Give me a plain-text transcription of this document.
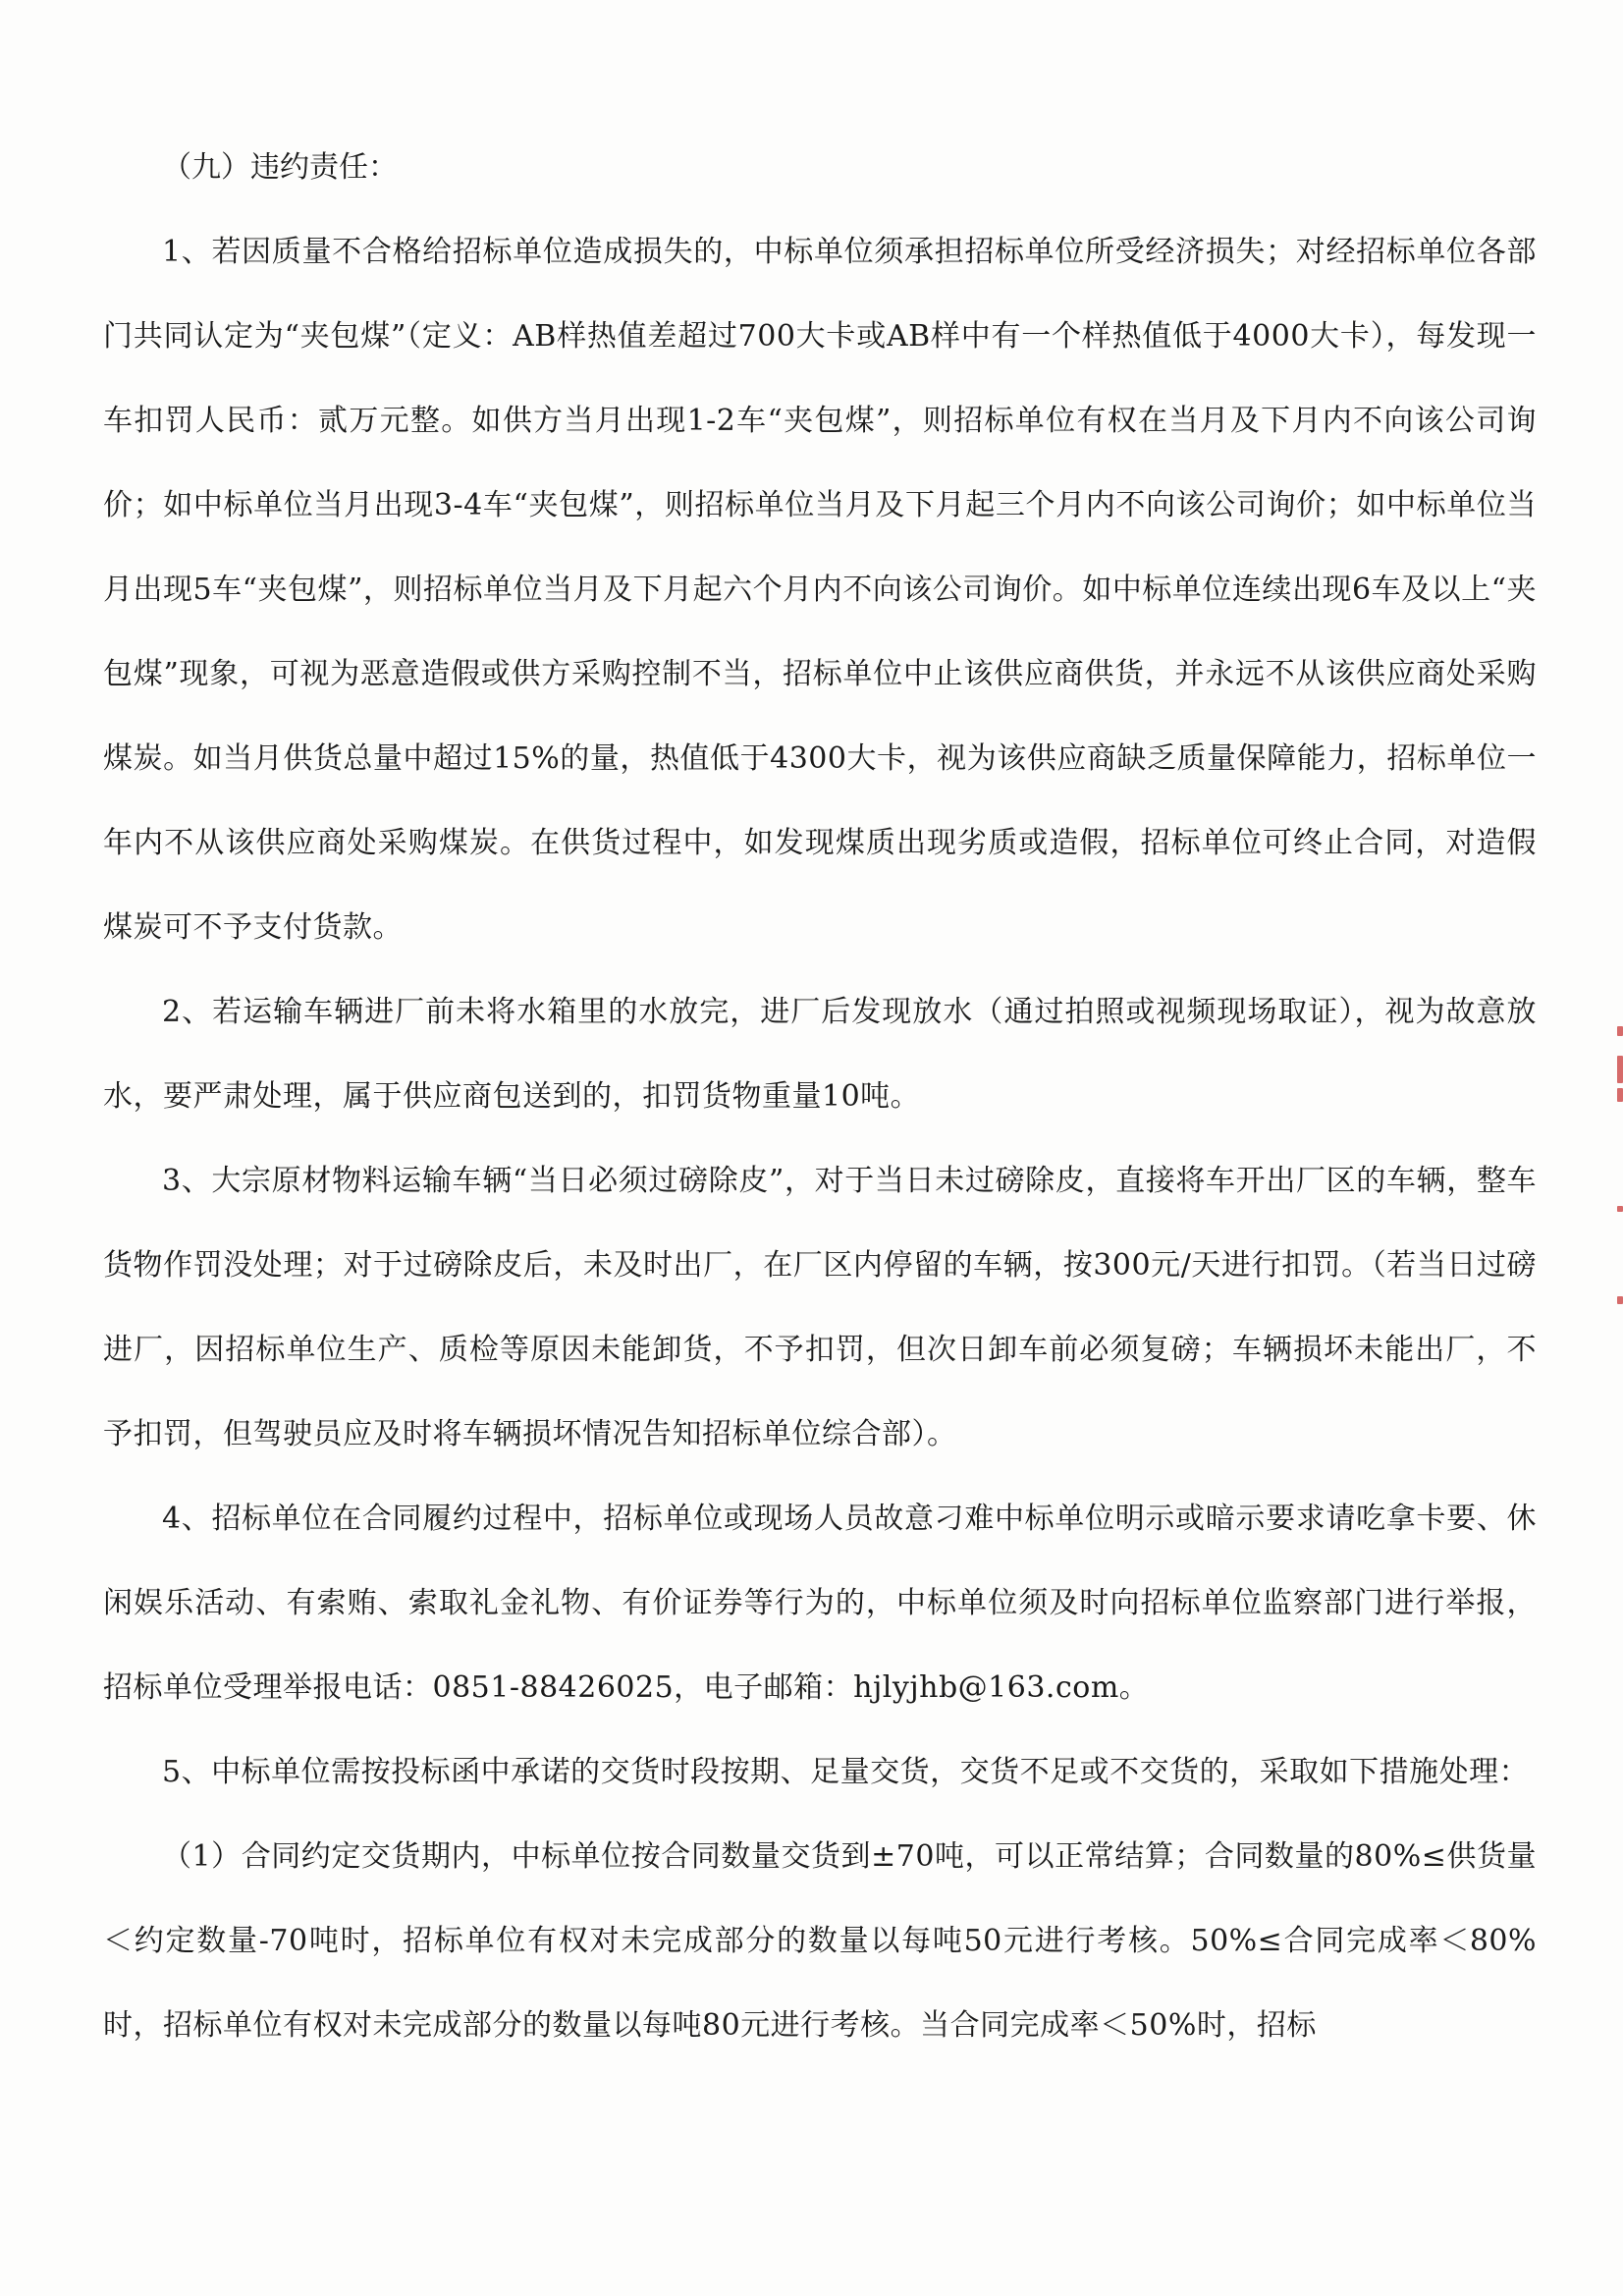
（九）违约责任：

1、若因质量不合格给招标单位造成损失的，中标单位须承担招标单位所受经济损失；对经招标单位各部门共同认定为“夹包煤”（定义：AB样热值差超过700大卡或AB样中有一个样热值低于4000大卡），每发现一车扣罚人民币：贰万元整。如供方当月出现1-2车“夹包煤”，则招标单位有权在当月及下月内不向该公司询价；如中标单位当月出现3-4车“夹包煤”，则招标单位当月及下月起三个月内不向该公司询价；如中标单位当月出现5车“夹包煤”，则招标单位当月及下月起六个月内不向该公司询价。如中标单位连续出现6车及以上“夹包煤”现象，可视为恶意造假或供方采购控制不当，招标单位中止该供应商供货，并永远不从该供应商处采购煤炭。如当月供货总量中超过15%的量，热值低于4300大卡，视为该供应商缺乏质量保障能力，招标单位一年内不从该供应商处采购煤炭。在供货过程中，如发现煤质出现劣质或造假，招标单位可终止合同，对造假煤炭可不予支付货款。

2、若运输车辆进厂前未将水箱里的水放完，进厂后发现放水（通过拍照或视频现场取证），视为故意放水，要严肃处理，属于供应商包送到的，扣罚货物重量10吨。

3、大宗原材物料运输车辆“当日必须过磅除皮”，对于当日未过磅除皮，直接将车开出厂区的车辆，整车货物作罚没处理；对于过磅除皮后，未及时出厂，在厂区内停留的车辆，按300元/天进行扣罚。（若当日过磅进厂，因招标单位生产、质检等原因未能卸货，不予扣罚，但次日卸车前必须复磅；车辆损坏未能出厂，不予扣罚，但驾驶员应及时将车辆损坏情况告知招标单位综合部）。

4、招标单位在合同履约过程中，招标单位或现场人员故意刁难中标单位明示或暗示要求请吃拿卡要、休闲娱乐活动、有索贿、索取礼金礼物、有价证券等行为的，中标单位须及时向招标单位监察部门进行举报，招标单位受理举报电话：0851-88426025，电子邮箱：hjlyjhb@163.com。

5、中标单位需按投标函中承诺的交货时段按期、足量交货，交货不足或不交货的，采取如下措施处理：

（1）合同约定交货期内，中标单位按合同数量交货到±70吨，可以正常结算；合同数量的80%≤供货量＜约定数量-70吨时，招标单位有权对未完成部分的数量以每吨50元进行考核。50%≤合同完成率＜80%时，招标单位有权对未完成部分的数量以每吨80元进行考核。当合同完成率＜50%时，招标
